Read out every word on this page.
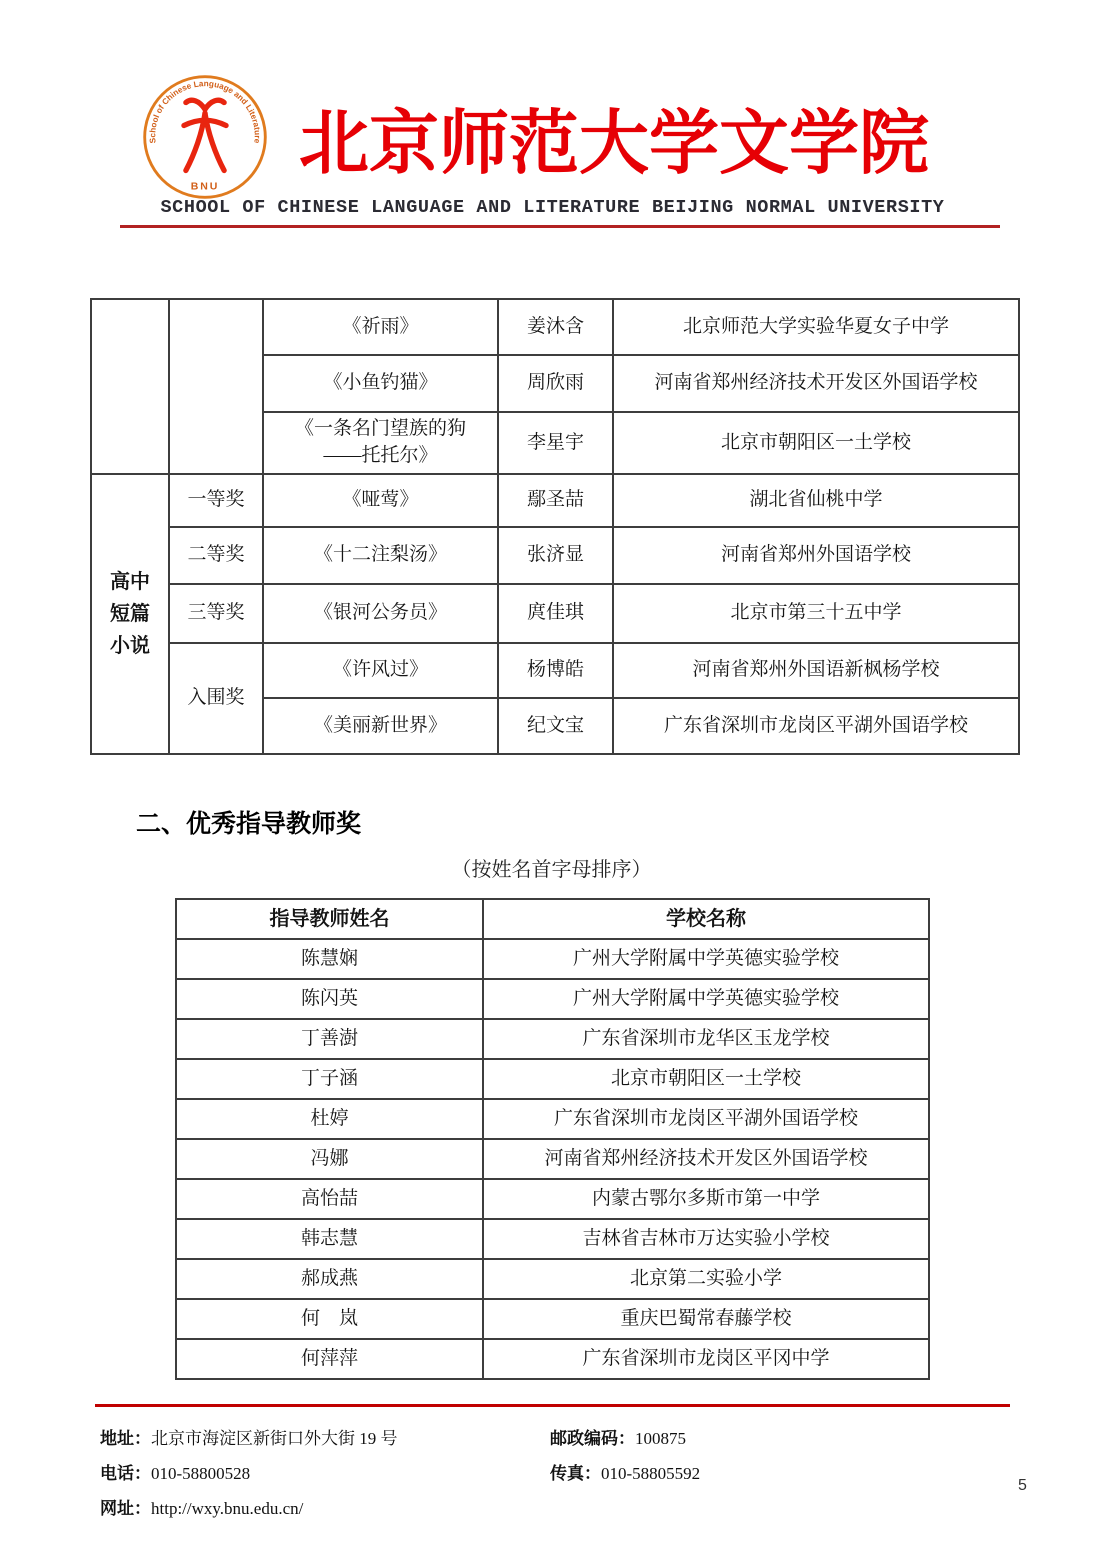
School of Chinese Language and Literature
BNU
北京师范大学文学院
SCHOOL OF CHINESE LANGUAGE AND LITERATURE BEIJING NORMAL UNIVERSITY
		《祈雨》	姜沐含	北京师范大学实验华夏女子中学
		《小鱼钓猫》	周欣雨	河南省郑州经济技术开发区外国语学校

		《一条名门望族的狗
——托托尔》	李星宇	北京市朝阳区一土学校

高中
短篇
小说	一等奖	《哑莺》	鄢圣喆	湖北省仙桃中学
	二等奖	《十二注梨汤》	张济显	河南省郑州外国语学校
	三等奖	《银河公务员》	庹佳琪	北京市第三十五中学
	入围奖	《许风过》	杨博皓	河南省郑州外国语新枫杨学校
		《美丽新世界》	纪文宝	广东省深圳市龙岗区平湖外国语学校
二、优秀指导教师奖
（按姓名首字母排序）
指导教师姓名	学校名称
陈慧娴	广州大学附属中学英德实验学校
陈闪英	广州大学附属中学英德实验学校
丁善澍	广东省深圳市龙华区玉龙学校
丁子涵	北京市朝阳区一土学校
杜婷	广东省深圳市龙岗区平湖外国语学校
冯娜	河南省郑州经济技术开发区外国语学校
高怡喆	内蒙古鄂尔多斯市第一中学
韩志慧	吉林省吉林市万达实验小学校
郝成燕	北京第二实验小学
何　岚	重庆巴蜀常春藤学校
何萍萍	广东省深圳市龙岗区平冈中学
地址：北京市海淀区新街口外大街 19 号	邮政编码：100875
电话：010-58800528	传真：010-58805592
网址：http://wxy.bnu.edu.cn/
5
